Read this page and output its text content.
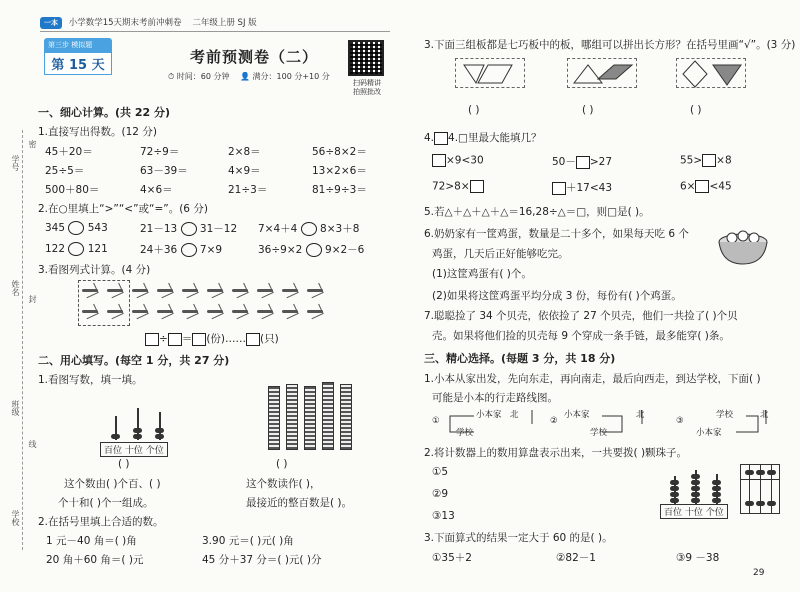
一本 小学数学15天期末考前冲刺卷 二年级上册 SJ 版
第三步 模拟题
第 15 天	考前预测卷（二）
⏱ 时间：60 分钟 👤 满分：100 分+10 分
扫码精讲 拍照批改
学号
姓名
班级
学校
密
封
线
一、细心计算。(共 22 分)
1.直接写出得数。(12 分)
45＋20＝	72÷9＝	2×8＝	56÷8×2＝
25÷5＝	63－39＝	4×9＝	13×2×6＝
500＋80＝	4×6＝	21÷3＝	81÷9÷3＝
2.在○里填上“>”“<”或“=”。(6 分)
345 543	21－13 31－12 7×4＋4 8×3＋8
122 121	24＋36 7×9	36÷9×2 9×2－6
3.看图列式计算。(4 分)

÷ ＝ (份)…… (只)
二、用心填写。(每空 1 分，共 27 分)
1.看图写数，填一填。
百位 十位 个位
( )	( )
这个数由( )个百、( )	这个数读作( )，
个十和( )个一组成。	最接近的整百数是( )。
2.在括号里填上合适的数。
1 元－40 角＝( )角	3.90 元＝( )元( )角
20 角＋60 角＝( )元	45 分＋37 分＝( )元( )分
3.下面三组板都是七巧板中的板，哪组可以拼出长方形？在括号里画“√”。(3 分)
( )	( )	( )
4. 4.□里最大能填几？
×9<30	50－ >27	55> ×8
72>8×	＋17<43	6× <45
5.若△＋△＋△＋△＝16,28÷△＝□，则□是( )。
6.奶奶家有一筐鸡蛋，数量是二十多个，如果每天吃 6 个
鸡蛋，几天后正好能够吃完。
(1)这筐鸡蛋有( )个。
(2)如果将这筐鸡蛋平均分成 3 份，每份有( )个鸡蛋。
7.聪聪捡了 34 个贝壳，依依捡了 27 个贝壳，他们一共捡了( )个贝
壳。如果将他们捡的贝壳每 9 个穿成一条手链，最多能穿( )条。
三、精心选择。(每题 3 分，共 18 分)
1.小本从家出发，先向东走，再向南走，最后向西走，到达学校，下面( )
可能是小本的行走路线图。
①
小本家 北
学校
②
小本家	北
学校
③
学校	北
小本家
2.将计数器上的数用算盘表示出来，一共要拨( )颗珠子。
①5
②9
③13	百位 十位 个位
3.下面算式的结果一定大于 60 的是( )。
①35＋2	②82－1	③9 －38
29
